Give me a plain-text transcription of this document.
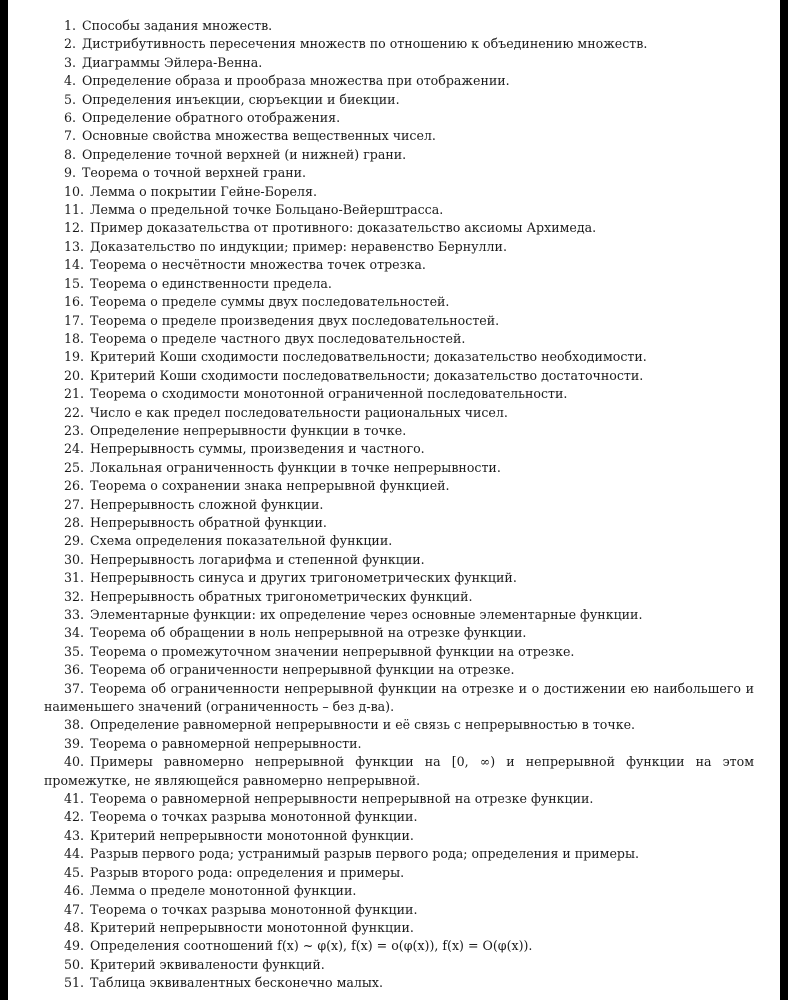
1. Способы задания множеств.
2. Дистрибутивность пересечения множеств по отношению к объединению множеств.
3. Диаграммы Эйлера-Венна.
4. Определение образа и прообраза множества при отображении.
5. Определения инъекции, сюръекции и биекции.
6. Определение обратного отображения.
7. Основные свойства множества вещественных чисел.
8. Определение точной верхней (и нижней) грани.
9. Теорема о точной верхней грани.
10. Лемма о покрытии Гейне-Бореля.
11. Лемма о предельной точке Больцано-Вейерштрасса.
12. Пример доказательства от противного: доказательство аксиомы Архимеда.
13. Доказательство по индукции; пример: неравенство Бернулли.
14. Теорема о несчётности множества точек отрезка.
15. Теорема о единственности предела.
16. Теорема о пределе суммы двух последовательностей.
17. Теорема о пределе произведения двух последовательностей.
18. Теорема о пределе частного двух последовательностей.
19. Критерий Коши сходимости последоватвельности; доказательство необходимости.
20. Критерий Коши сходимости последоватвельности; доказательство достаточности.
21. Теорема о сходимости монотонной ограниченной последовательности.
22. Число e как предел последовательности рациональных чисел.
23. Определение непрерывности функции в точке.
24. Непрерывность суммы, произведения и частного.
25. Локальная ограниченность функции в точке непрерывности.
26. Теорема о сохранении знака непрерывной функцией.
27. Непрерывность сложной функции.
28. Непрерывность обратной функции.
29. Схема определения показательной функции.
30. Непрерывность логарифма и степенной функции.
31. Непрерывность синуса и других тригонометрических функций.
32. Непрерывность обратных тригонометрических функций.
33. Элементарные функции: их определение через основные элементарные функции.
34. Теорема об обращении в ноль непрерывной на отрезке функции.
35. Теорема о промежуточном значении непрерывной функции на отрезке.
36. Теорема об ограниченности непрерывной функции на отрезке.
37. Теорема об ограниченности непрерывной функции на отрезке и о достижении ею наибольшего и наименьшего значений (ограниченность – без д-ва).
38. Определение равномерной непрерывности и её связь с непрерывностью в точке.
39. Теорема о равномерной непрерывности.
40. Примеры равномерно непрерывной функции на [0, ∞) и непрерывной функции на этом промежутке, не являющейся равномерно непрерывной.
41. Теорема о равномерной непрерывности непрерывной на отрезке функции.
42. Теорема о точках разрыва монотонной функции.
43. Критерий непрерывности монотонной функции.
44. Разрыв первого рода; устранимый разрыв первого рода; определения и примеры.
45. Разрыв второго рода: определения и примеры.
46. Лемма о пределе монотонной функции.
47. Теорема о точках разрыва монотонной функции.
48. Критерий непрерывности монотонной функции.
49. Определения соотношений f(x) ~ φ(x), f(x) = o(φ(x)), f(x) = O(φ(x)).
50. Критерий эквивалености функций.
51. Таблица эквивалентных бесконечно малых.
